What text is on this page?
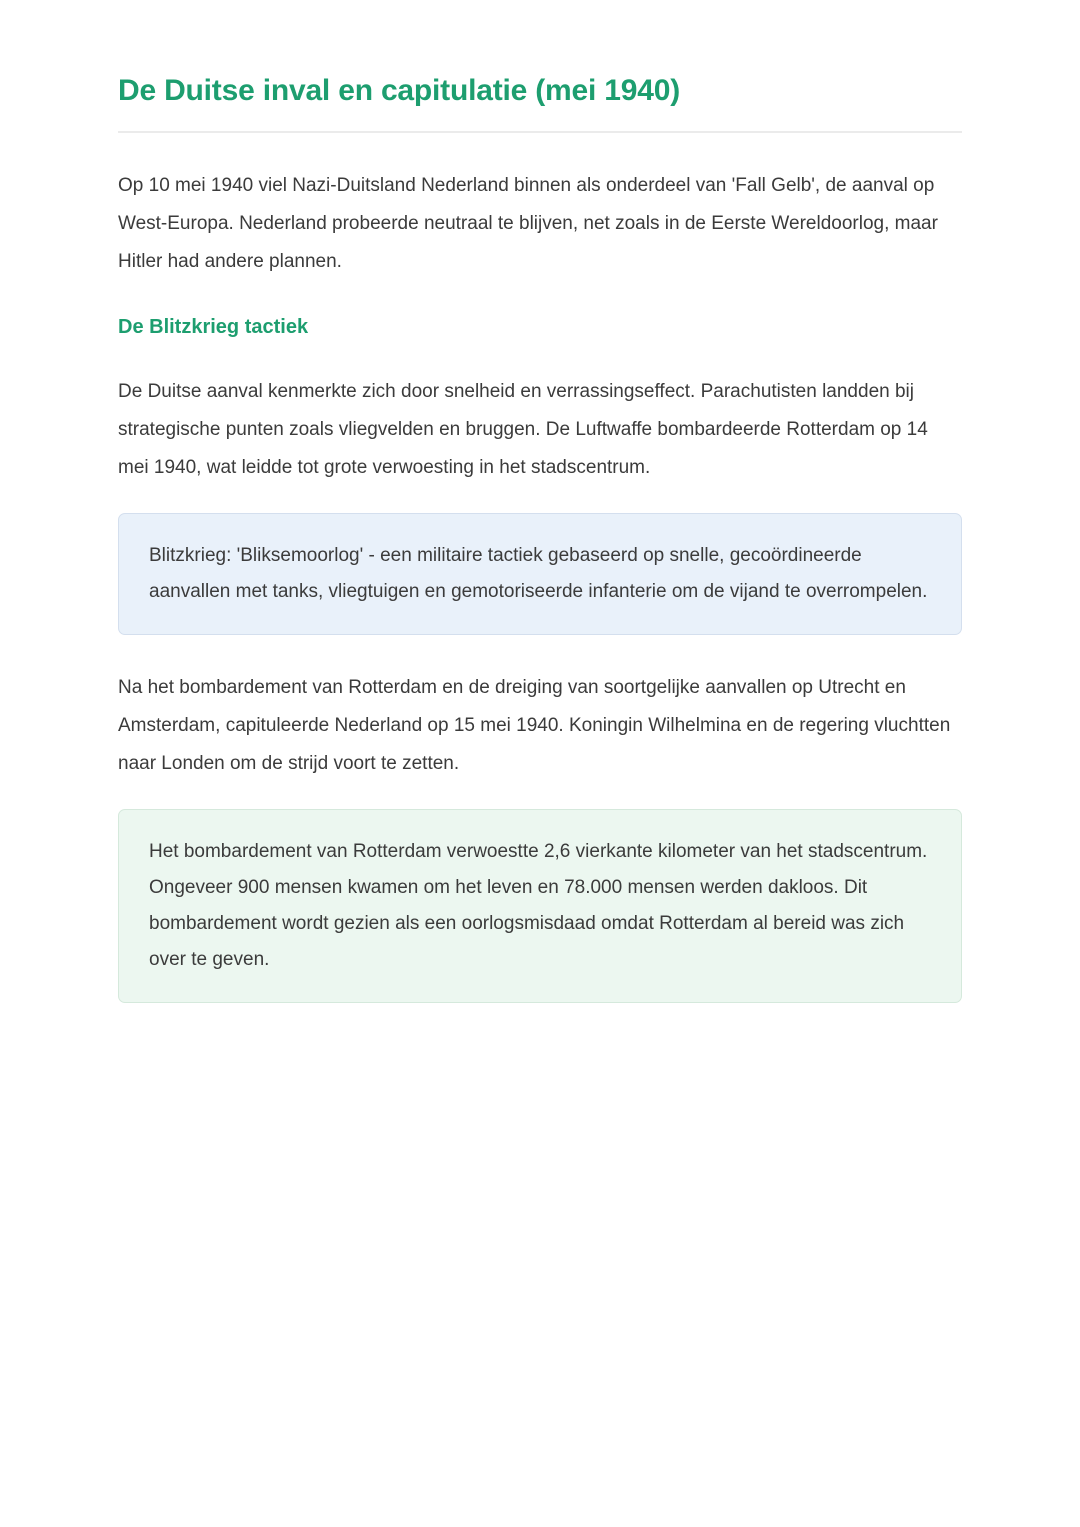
De Duitse inval en capitulatie (mei 1940)

Op 10 mei 1940 viel Nazi-Duitsland Nederland binnen als onderdeel van 'Fall Gelb', de aanval op West-Europa. Nederland probeerde neutraal te blijven, net zoals in de Eerste Wereldoorlog, maar Hitler had andere plannen.

De Blitzkrieg tactiek

De Duitse aanval kenmerkte zich door snelheid en verrassingseffect. Parachutisten landden bij strategische punten zoals vliegvelden en bruggen. De Luftwaffe bombardeerde Rotterdam op 14 mei 1940, wat leidde tot grote verwoesting in het stadscentrum.

Blitzkrieg: 'Bliksemoorlog' - een militaire tactiek gebaseerd op snelle, gecoördineerde aanvallen met tanks, vliegtuigen en gemotoriseerde infanterie om de vijand te overrompelen.

Na het bombardement van Rotterdam en de dreiging van soortgelijke aanvallen op Utrecht en Amsterdam, capituleerde Nederland op 15 mei 1940. Koningin Wilhelmina en de regering vluchtten naar Londen om de strijd voort te zetten.

Het bombardement van Rotterdam verwoestte 2,6 vierkante kilometer van het stadscentrum. Ongeveer 900 mensen kwamen om het leven en 78.000 mensen werden dakloos. Dit bombardement wordt gezien als een oorlogsmisdaad omdat Rotterdam al bereid was zich over te geven.
